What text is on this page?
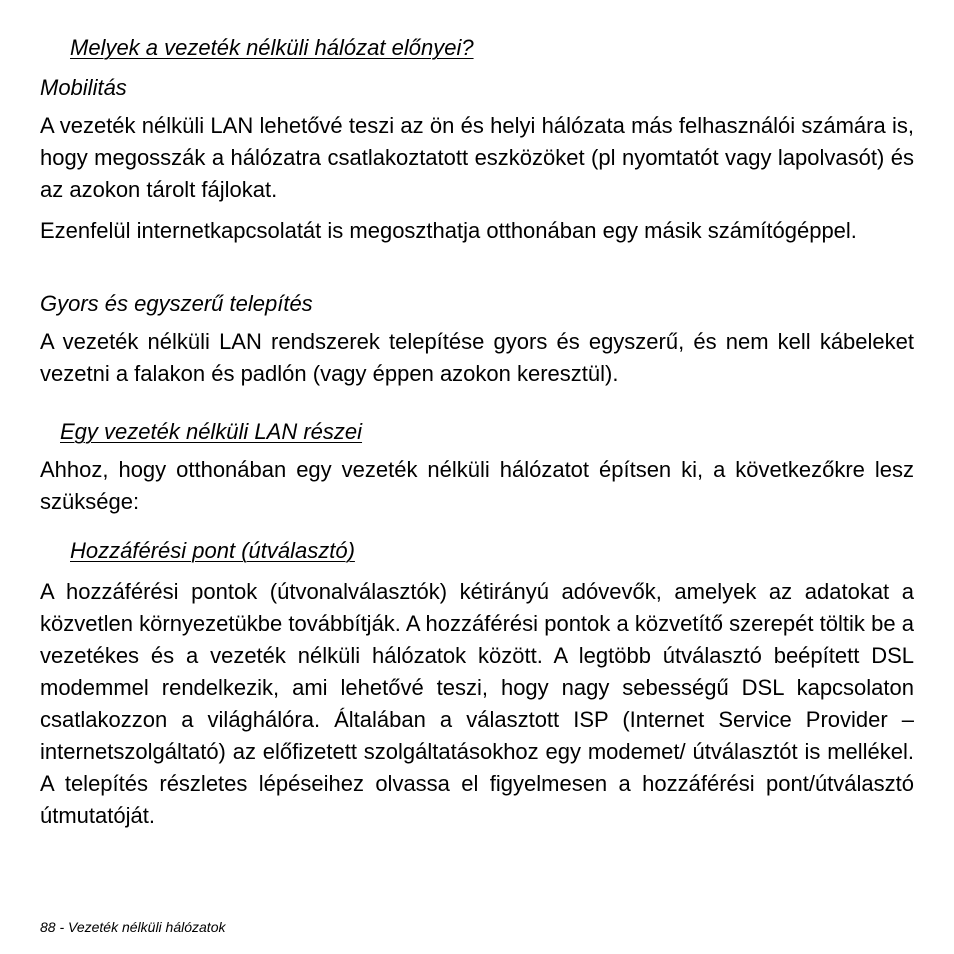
Melyek a vezeték nélküli hálózat előnyei?
Mobilitás

A vezeték nélküli LAN lehetővé teszi az ön és helyi hálózata más felhasználói számára is, hogy megosszák a hálózatra csatlakoztatott eszközöket (pl nyomtatót vagy lapolvasót) és az azokon tárolt fájlokat.

Ezenfelül internetkapcsolatát is megoszthatja otthonában egy másik számítógéppel.

Gyors és egyszerű telepítés

A vezeték nélküli LAN rendszerek telepítése gyors és egyszerű, és nem kell kábeleket vezetni a falakon és padlón (vagy éppen azokon keresztül).

Egy vezeték nélküli LAN részei

Ahhoz, hogy otthonában egy vezeték nélküli hálózatot építsen ki, a következőkre lesz szüksége:

Hozzáférési pont (útválasztó)

A hozzáférési pontok (útvonalválasztók) kétirányú adóvevők, amelyek az adatokat a közvetlen környezetükbe továbbítják. A hozzáférési pontok a közvetítő szerepét töltik be a vezetékes és a vezeték nélküli hálózatok között. A legtöbb útválasztó beépített DSL modemmel rendelkezik, ami lehetővé teszi, hogy nagy sebességű DSL kapcsolaton csatlakozzon a világhálóra. Általában a választott ISP (Internet Service Provider – internetszolgáltató) az előfizetett szolgáltatásokhoz egy modemet/ útválasztót is mellékel. A telepítés részletes lépéseihez olvassa el figyelmesen a hozzáférési pont/útválasztó útmutatóját.

88 - Vezeték nélküli hálózatok
